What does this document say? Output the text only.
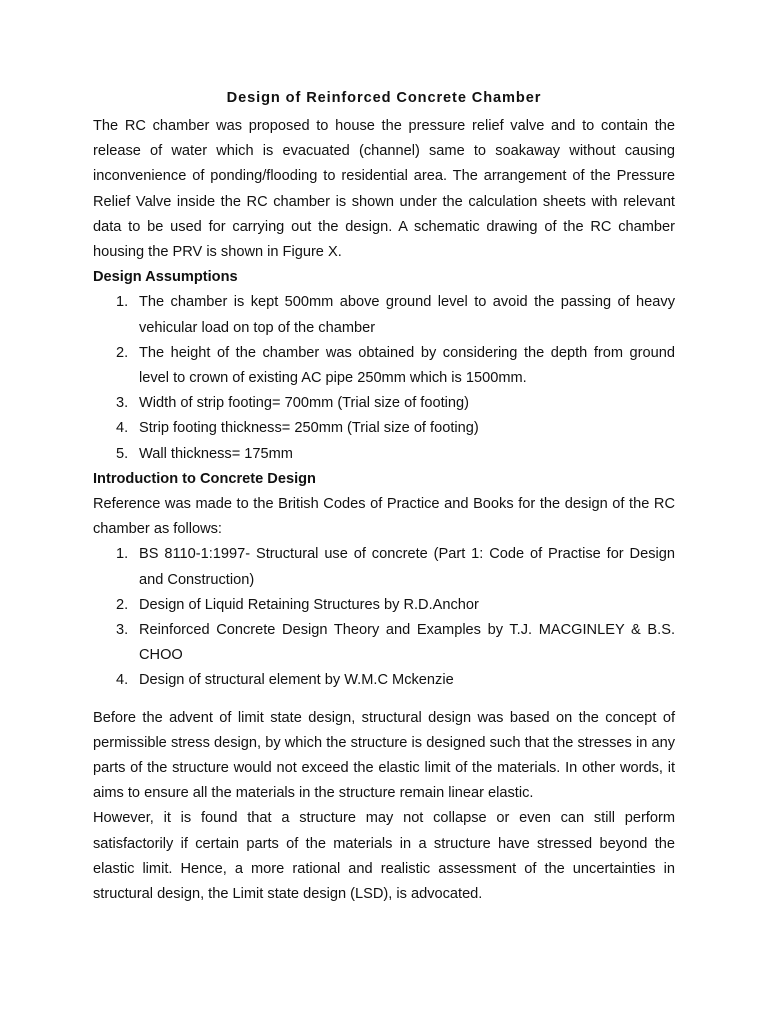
Design of Reinforced Concrete Chamber

The RC chamber was proposed to house the pressure relief valve and to contain the release of water which is evacuated (channel) same to soakaway without causing inconvenience of ponding/flooding to residential area. The arrangement of the Pressure Relief Valve inside the RC chamber is shown under the calculation sheets with relevant data to be used for carrying out the design. A schematic drawing of the RC chamber housing the PRV is shown in Figure X.

Design Assumptions
1. The chamber is kept 500mm above ground level to avoid the passing of heavy vehicular load on top of the chamber
2. The height of the chamber was obtained by considering the depth from ground level to crown of existing AC pipe 250mm which is 1500mm.
3. Width of strip footing= 700mm (Trial size of footing)
4. Strip footing thickness= 250mm (Trial size of footing)
5. Wall thickness= 175mm
Introduction to Concrete Design

Reference was made to the British Codes of Practice and Books for the design of the RC chamber as follows:

1. BS 8110-1:1997- Structural use of concrete (Part 1: Code of Practise for Design and Construction)
2. Design of Liquid Retaining Structures by R.D.Anchor
3. Reinforced Concrete Design Theory and Examples by T.J. MACGINLEY & B.S. CHOO
4. Design of structural element by W.M.C Mckenzie

Before the advent of limit state design, structural design was based on the concept of permissible stress design, by which the structure is designed such that the stresses in any parts of the structure would not exceed the elastic limit of the materials. In other words, it aims to ensure all the materials in the structure remain linear elastic.

However, it is found that a structure may not collapse or even can still perform satisfactorily if certain parts of the materials in a structure have stressed beyond the elastic limit. Hence, a more rational and realistic assessment of the uncertainties in structural design, the Limit state design (LSD), is advocated.
